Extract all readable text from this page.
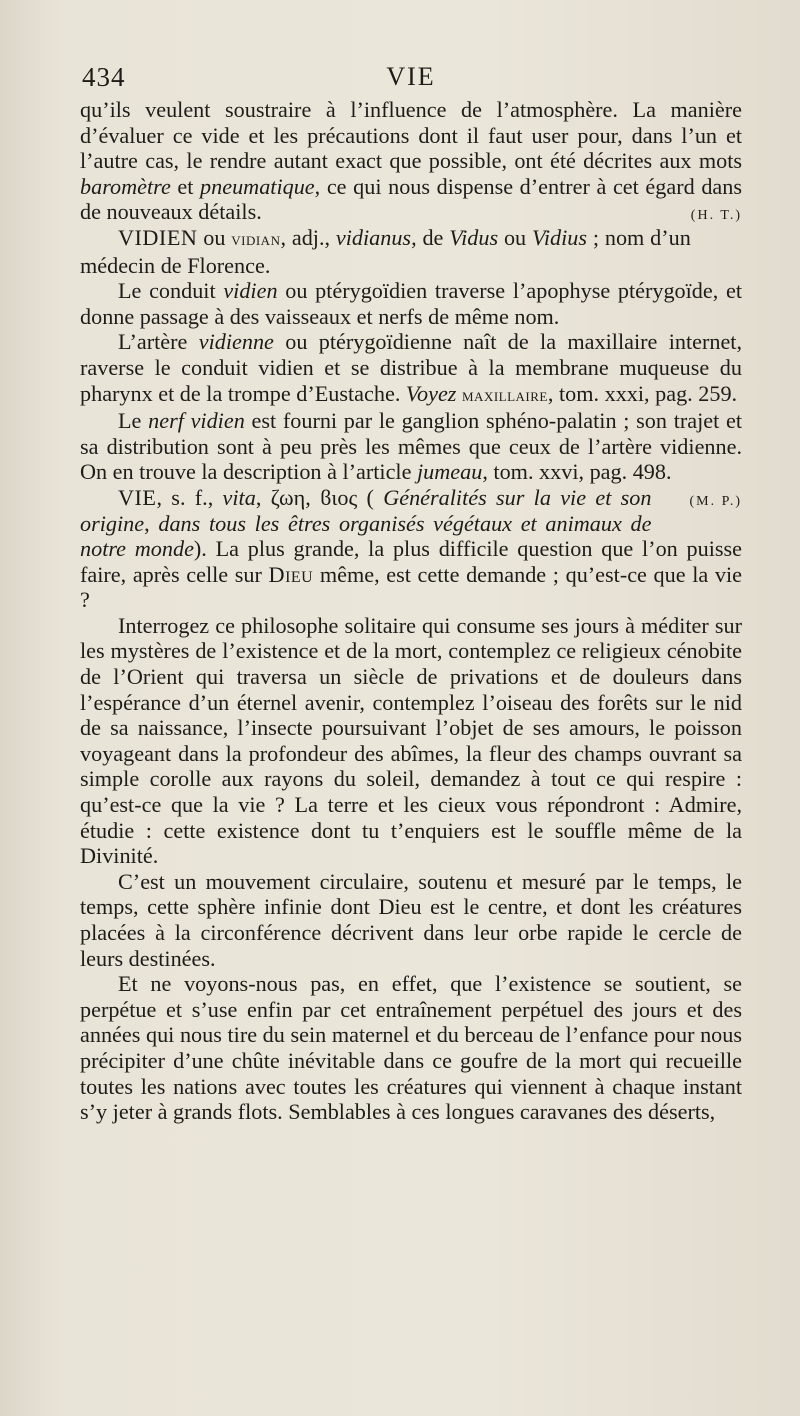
434	VIE

qu’ils veulent soustraire à l’influence de l’atmosphère. La manière d’évaluer ce vide et les précautions dont il faut user pour, dans l’un et l’autre cas, le rendre autant exact que possible, ont été décrites aux mots baromètre et pneumatique, ce qui nous dispense d’entrer à cet égard dans de nouveaux détails.	(H. T.)

VIDIEN ou vidian, adj., vidianus, de Vidus ou Vidius ; nom d’un médecin de Florence.

Le conduit vidien ou ptérygoïdien traverse l’apophyse ptérygoïde, et donne passage à des vaisseaux et nerfs de même nom.

L’artère vidienne ou ptérygoïdienne naît de la maxillaire internet, raverse le conduit vidien et se distribue à la membrane muqueuse du pharynx et de la trompe d’Eustache. Voyez maxillaire, tom. xxxi, pag. 259.

Le nerf vidien est fourni par le ganglion sphéno-palatin ; son trajet et sa distribution sont à peu près les mêmes que ceux de l’artère vidienne. On en trouve la description à l’article jumeau, tom. xxvi, pag. 498.
(M. P.)

VIE, s. f., vita, ζωη, ϐιος ( Généralités sur la vie et son origine, dans tous les êtres organisés végétaux et animaux de notre monde). La plus grande, la plus difficile question que l’on puisse faire, après celle sur Dieu même, est cette demande ; qu’est-ce que la vie ?

Interrogez ce philosophe solitaire qui consume ses jours à méditer sur les mystères de l’existence et de la mort, contemplez ce religieux cénobite de l’Orient qui traversa un siècle de privations et de douleurs dans l’espérance d’un éternel avenir, contemplez l’oiseau des forêts sur le nid de sa naissance, l’insecte poursuivant l’objet de ses amours, le poisson voyageant dans la profondeur des abîmes, la fleur des champs ouvrant sa simple corolle aux rayons du soleil, demandez à tout ce qui respire : qu’est-ce que la vie ? La terre et les cieux vous répondront : Admire, étudie : cette existence dont tu t’enquiers est le souffle même de la Divinité.

C’est un mouvement circulaire, soutenu et mesuré par le temps, le temps, cette sphère infinie dont Dieu est le centre, et dont les créatures placées à la circonférence décrivent dans leur orbe rapide le cercle de leurs destinées.

Et ne voyons-nous pas, en effet, que l’existence se soutient, se perpétue et s’use enfin par cet entraînement perpétuel des jours et des années qui nous tire du sein maternel et du berceau de l’enfance pour nous précipiter d’une chûte inévitable dans ce goufre de la mort qui recueille toutes les nations avec toutes les créatures qui viennent à chaque instant s’y jeter à grands flots. Semblables à ces longues caravanes des déserts,
